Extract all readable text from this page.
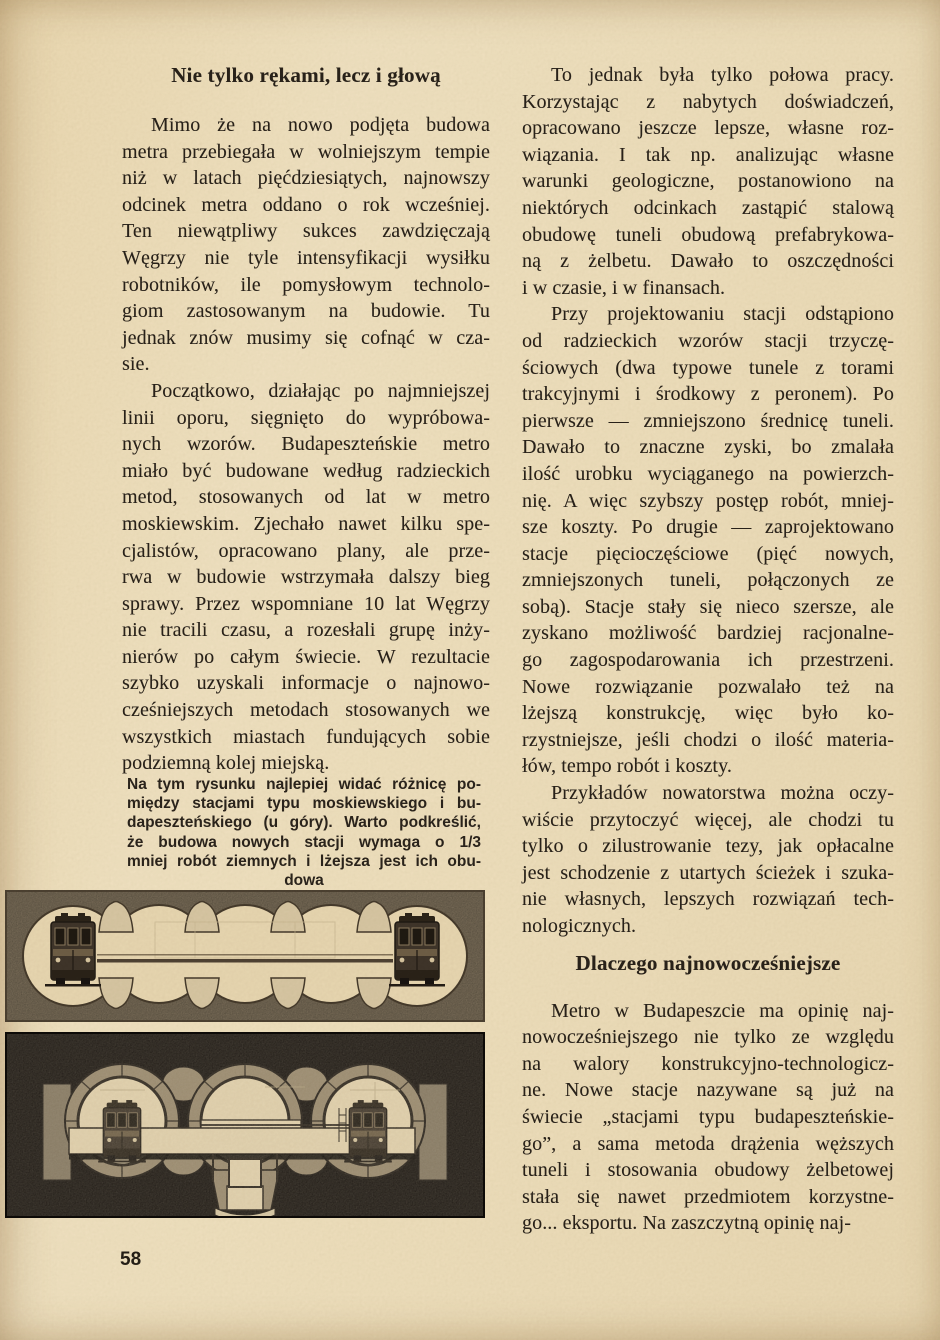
Nie tylko rękami, lecz i głową
Mimo że na nowo podjęta budowa
metra przebiegała w wolniejszym tempie
niż w latach pięćdziesiątych, najnowszy
odcinek metra oddano o rok wcześniej.
Ten niewątpliwy sukces zawdzięczają
Węgrzy nie tyle intensyfikacji wysiłku
robotników, ile pomysłowym technolo-
giom zastosowanym na budowie. Tu
jednak znów musimy się cofnąć w cza-
sie.
Początkowo, działając po najmniejszej
linii oporu, sięgnięto do wypróbowa-
nych wzorów. Budapeszteńskie metro
miało być budowane według radzieckich
metod, stosowanych od lat w metro
moskiewskim. Zjechało nawet kilku spe-
cjalistów, opracowano plany, ale prze-
rwa w budowie wstrzymała dalszy bieg
sprawy. Przez wspomniane 10 lat Węgrzy
nie tracili czasu, a rozesłali grupę inży-
nierów po całym świecie. W rezultacie
szybko uzyskali informacje o najnowo-
cześniejszych metodach stosowanych we
wszystkich miastach fundujących sobie
podziemną kolej miejską.
Na tym rysunku najlepiej widać różnicę po-
między stacjami typu moskiewskiego i bu-
dapeszteńskiego (u góry). Warto podkreślić,
że budowa nowych stacji wymaga o 1/3
mniej robót ziemnych i lżejsza jest ich obu-
dowa
58
To jednak była tylko połowa pracy.
Korzystając z nabytych doświadczeń,
opracowano jeszcze lepsze, własne roz-
wiązania. I tak np. analizując własne
warunki geologiczne, postanowiono na
niektórych odcinkach zastąpić stalową
obudowę tuneli obudową prefabrykowa-
ną z żelbetu. Dawało to oszczędności
i w czasie, i w finansach.
Przy projektowaniu stacji odstąpiono
od radzieckich wzorów stacji trzyczę-
ściowych (dwa typowe tunele z torami
trakcyjnymi i środkowy z peronem). Po
pierwsze — zmniejszono średnicę tuneli.
Dawało to znaczne zyski, bo zmalała
ilość urobku wyciąganego na powierzch-
nię. A więc szybszy postęp robót, mniej-
sze koszty. Po drugie — zaprojektowano
stacje pięcioczęściowe (pięć nowych,
zmniejszonych tuneli, połączonych ze
sobą). Stacje stały się nieco szersze, ale
zyskano możliwość bardziej racjonalne-
go zagospodarowania ich przestrzeni.
Nowe rozwiązanie pozwalało też na
lżejszą konstrukcję, więc było ko-
rzystniejsze, jeśli chodzi o ilość materia-
łów, tempo robót i koszty.
Przykładów nowatorstwa można oczy-
wiście przytoczyć więcej, ale chodzi tu
tylko o zilustrowanie tezy, jak opłacalne
jest schodzenie z utartych ścieżek i szuka-
nie własnych, lepszych rozwiązań tech-
nologicznych.
Dlaczego najnowocześniejsze
Metro w Budapeszcie ma opinię naj-
nowocześniejszego nie tylko ze względu
na walory konstrukcyjno-technologicz-
ne. Nowe stacje nazywane są już na
świecie „stacjami typu budapeszteńskie-
go”, a sama metoda drążenia węższych
tuneli i stosowania obudowy żelbetowej
stała się nawet przedmiotem korzystne-
go... eksportu. Na zaszczytną opinię naj-
